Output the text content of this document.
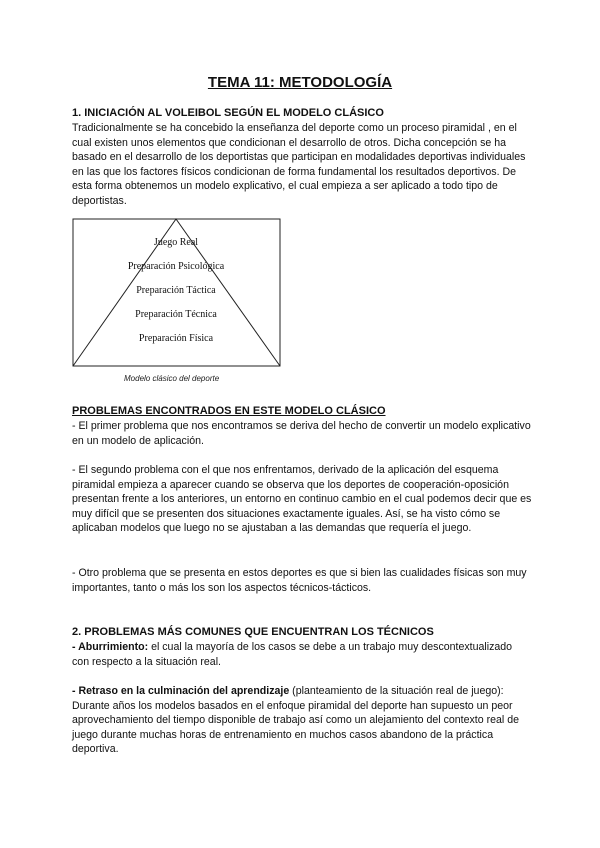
TEMA 11: METODOLOGÍA
1. INICIACIÓN AL VOLEIBOL SEGÚN EL MODELO CLÁSICO

Tradicionalmente se ha concebido la enseñanza del deporte como un proceso piramidal , en el cual existen unos elementos que condicionan el desarrollo de otros. Dicha concepción se ha basado en el desarrollo de los deportistas que participan en modalidades deportivas individuales en las que los factores físicos condicionan de forma fundamental los resultados deportivos. De esta forma obtenemos un modelo explicativo, el cual empieza a ser aplicado a todo tipo de deportistas.

Juego Real
Preparación Psicológica
Preparación Táctica
Preparación Técnica
Preparación Física
Modelo clásico del deporte
PROBLEMAS ENCONTRADOS EN ESTE MODELO CLÁSICO

- El primer problema que nos encontramos se deriva del hecho de convertir un modelo explicativo en un modelo de aplicación.

- El segundo problema con el que nos enfrentamos, derivado de la aplicación del esquema piramidal empieza a aparecer cuando se observa que los deportes de cooperación-oposición presentan frente a los anteriores, un entorno en continuo cambio en el cual podemos decir que es muy difícil que se presenten dos situaciones exactamente iguales. Así, se ha visto cómo se aplicaban modelos que luego no se ajustaban a las demandas que requería el juego.

- Otro problema que se presenta en estos deportes es que si bien las cualidades físicas son muy importantes, tanto o más los son los aspectos técnicos-tácticos.

2. PROBLEMAS MÁS COMUNES QUE ENCUENTRAN LOS TÉCNICOS

- Aburrimiento: el cual la mayoría de los casos se debe a un trabajo muy descontextualizado con respecto a la situación real.

- Retraso en la culminación del aprendizaje (planteamiento de la situación real de juego): Durante años los modelos basados en el enfoque piramidal del deporte han supuesto un peor aprovechamiento del tiempo disponible de trabajo así como un alejamiento del contexto real de juego durante muchas horas de entrenamiento en muchos casos abandono de la práctica deportiva.
